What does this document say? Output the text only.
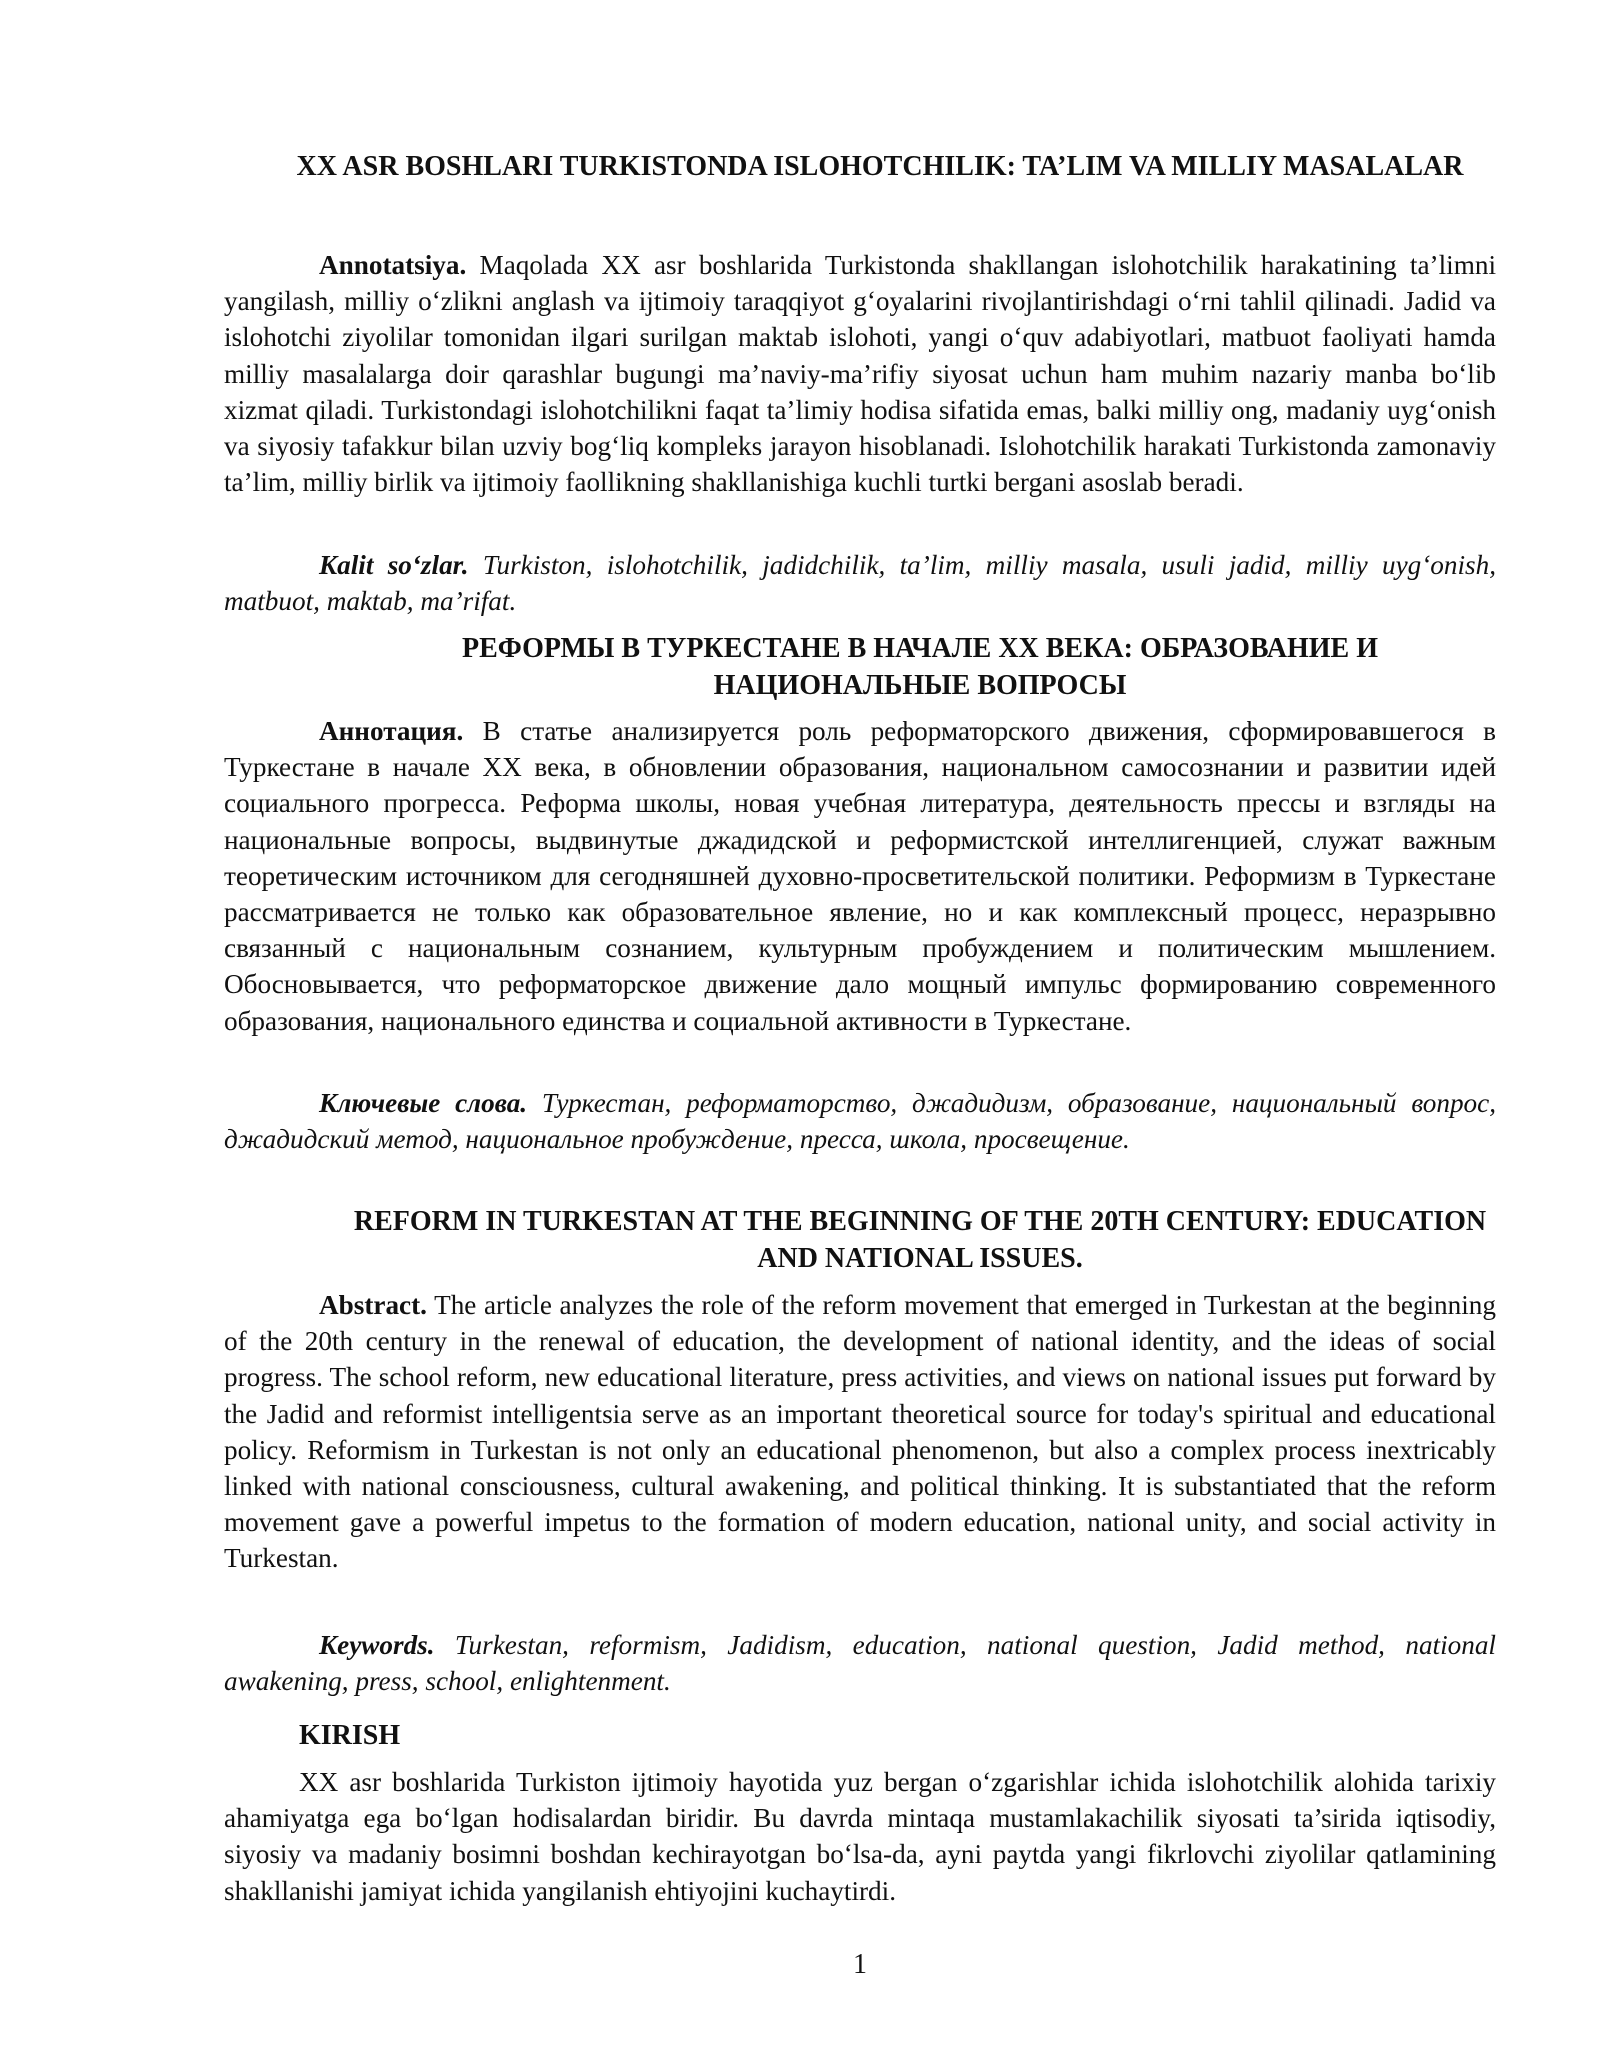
XX ASR BOSHLARI TURKISTONDA ISLOHOTCHILIK: TA’LIM VA MILLIY MASALALAR

Annotatsiya. Maqolada XX asr boshlarida Turkistonda shakllangan islohotchilik harakatining ta’limni yangilash, milliy o‘zlikni anglash va ijtimoiy taraqqiyot g‘oyalarini rivojlantirishdagi o‘rni tahlil qilinadi. Jadid va islohotchi ziyolilar tomonidan ilgari surilgan maktab islohoti, yangi o‘quv adabiyotlari, matbuot faoliyati hamda milliy masalalarga doir qarashlar bugungi ma’naviy-ma’rifiy siyosat uchun ham muhim nazariy manba bo‘lib xizmat qiladi. Turkistondagi islohotchilikni faqat ta’limiy hodisa sifatida emas, balki milliy ong, madaniy uyg‘onish va siyosiy tafakkur bilan uzviy bog‘liq kompleks jarayon hisoblanadi. Islohotchilik harakati Turkistonda zamonaviy ta’lim, milliy birlik va ijtimoiy faollikning shakllanishiga kuchli turtki bergani asoslab beradi.

Kalit so‘zlar. Turkiston, islohotchilik, jadidchilik, ta’lim, milliy masala, usuli jadid, milliy uyg‘onish, matbuot, maktab, ma’rifat.

РЕФОРМЫ В ТУРКЕСТАНЕ В НАЧАЛЕ XX ВЕКА: ОБРАЗОВАНИЕ И НАЦИОНАЛЬНЫЕ ВОПРОСЫ

Аннотация. В статье анализируется роль реформаторского движения, сформировавшегося в Туркестане в начале XX века, в обновлении образования, национальном самосознании и развитии идей социального прогресса. Реформа школы, новая учебная литература, деятельность прессы и взгляды на национальные вопросы, выдвинутые джадидской и реформистской интеллигенцией, служат важным теоретическим источником для сегодняшней духовно-просветительской политики. Реформизм в Туркестане рассматривается не только как образовательное явление, но и как комплексный процесс, неразрывно связанный с национальным сознанием, культурным пробуждением и политическим мышлением. Обосновывается, что реформаторское движение дало мощный импульс формированию современного образования, национального единства и социальной активности в Туркестане.

Ключевые слова. Туркестан, реформаторство, джадидизм, образование, национальный вопрос, джадидский метод, национальное пробуждение, пресса, школа, просвещение.

REFORM IN TURKESTAN AT THE BEGINNING OF THE 20TH CENTURY: EDUCATION AND NATIONAL ISSUES.

Abstract. The article analyzes the role of the reform movement that emerged in Turkestan at the beginning of the 20th century in the renewal of education, the development of national identity, and the ideas of social progress. The school reform, new educational literature, press activities, and views on national issues put forward by the Jadid and reformist intelligentsia serve as an important theoretical source for today's spiritual and educational policy. Reformism in Turkestan is not only an educational phenomenon, but also a complex process inextricably linked with national consciousness, cultural awakening, and political thinking. It is substantiated that the reform movement gave a powerful impetus to the formation of modern education, national unity, and social activity in Turkestan.

Keywords. Turkestan, reformism, Jadidism, education, national question, Jadid method, national awakening, press, school, enlightenment.

KIRISH

XX asr boshlarida Turkiston ijtimoiy hayotida yuz bergan o‘zgarishlar ichida islohotchilik alohida tarixiy ahamiyatga ega bo‘lgan hodisalardan biridir. Bu davrda mintaqa mustamlakachilik siyosati ta’sirida iqtisodiy, siyosiy va madaniy bosimni boshdan kechirayotgan bo‘lsa-da, ayni paytda yangi fikrlovchi ziyolilar qatlamining shakllanishi jamiyat ichida yangilanish ehtiyojini kuchaytirdi.

1
